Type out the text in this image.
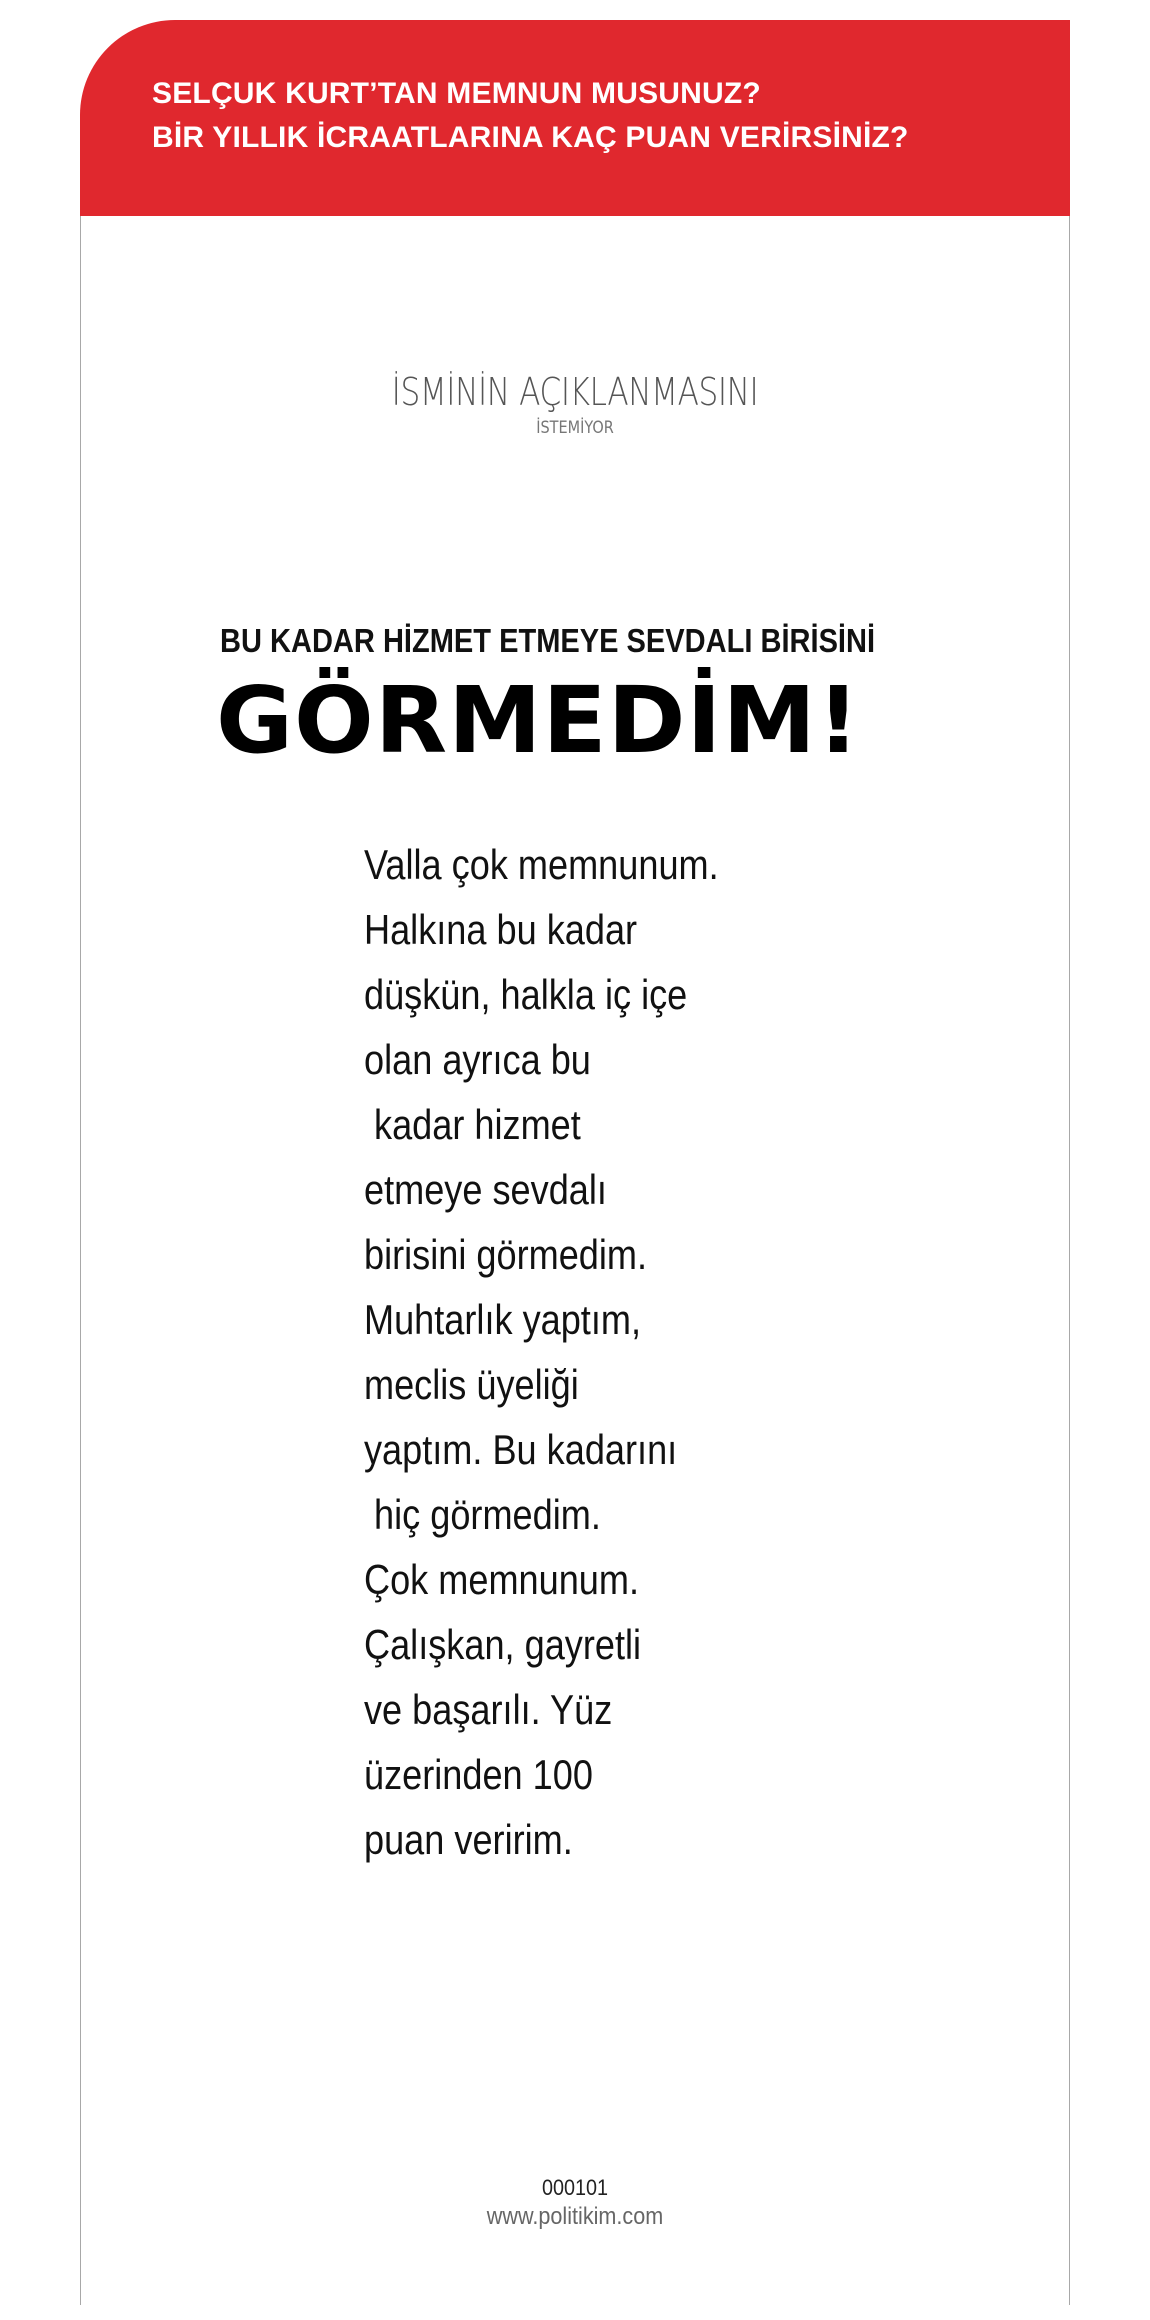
SELÇUK KURT’TAN MEMNUN MUSUNUZ?
BİR YILLIK İCRAATLARINA KAÇ PUAN VERİRSİNİZ?
İSMİNİN AÇIKLANMASINI
İSTEMİYOR
BU KADAR HİZMET ETMEYE SEVDALI BİRİSİNİ
GÖRMEDİM!
Valla çok memnunum.
Halkına bu kadar
düşkün, halkla iç içe
olan ayrıca bu
kadar hizmet
etmeye sevdalı
birisini görmedim.
Muhtarlık yaptım,
meclis üyeliği
yaptım. Bu kadarını
hiç görmedim.
Çok memnunum.
Çalışkan, gayretli
ve başarılı. Yüz
üzerinden 100
puan veririm.
000101
www.politikim.com
